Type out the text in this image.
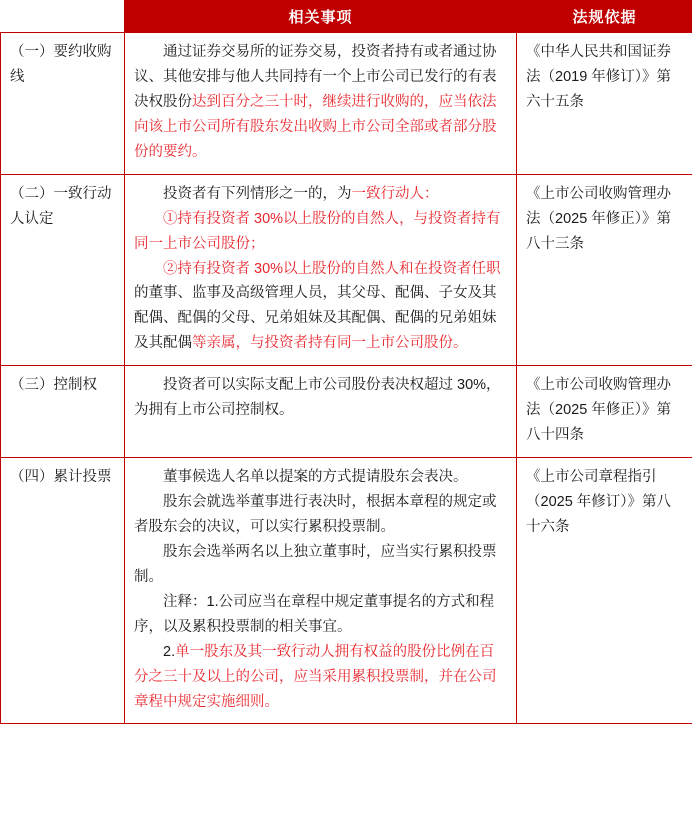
	相关事项	法规依据
（一）要约收购线	通过证券交易所的证券交易，投资者持有或者通过协议、其他安排与他人共同持有一个上市公司已发行的有表决权股份达到百分之三十时，继续进行收购的，应当依法向该上市公司所有股东发出收购上市公司全部或者部分股份的要约。	《中华人民共和国证券法（2019 年修订）》第六十五条
（二）一致行动人认定	投资者有下列情形之一的，为一致行动人：

①持有投资者 30%以上股份的自然人，与投资者持有同一上市公司股份；

②持有投资者 30%以上股份的自然人和在投资者任职的董事、监事及高级管理人员，其父母、配偶、子女及其配偶、配偶的父母、兄弟姐妹及其配偶、配偶的兄弟姐妹及其配偶等亲属，与投资者持有同一上市公司股份。	《上市公司收购管理办法（2025 年修正）》第八十三条
（三）控制权	投资者可以实际支配上市公司股份表决权超过 30%，为拥有上市公司控制权。	《上市公司收购管理办法（2025 年修正）》第八十四条
（四）累计投票	董事候选人名单以提案的方式提请股东会表决。

股东会就选举董事进行表决时，根据本章程的规定或者股东会的决议，可以实行累积投票制。

股东会选举两名以上独立董事时，应当实行累积投票制。

注释：1.公司应当在章程中规定董事提名的方式和程序，以及累积投票制的相关事宜。

2.单一股东及其一致行动人拥有权益的股份比例在百分之三十及以上的公司，应当采用累积投票制，并在公司章程中规定实施细则。	《上市公司章程指引（2025 年修订）》第八十六条
